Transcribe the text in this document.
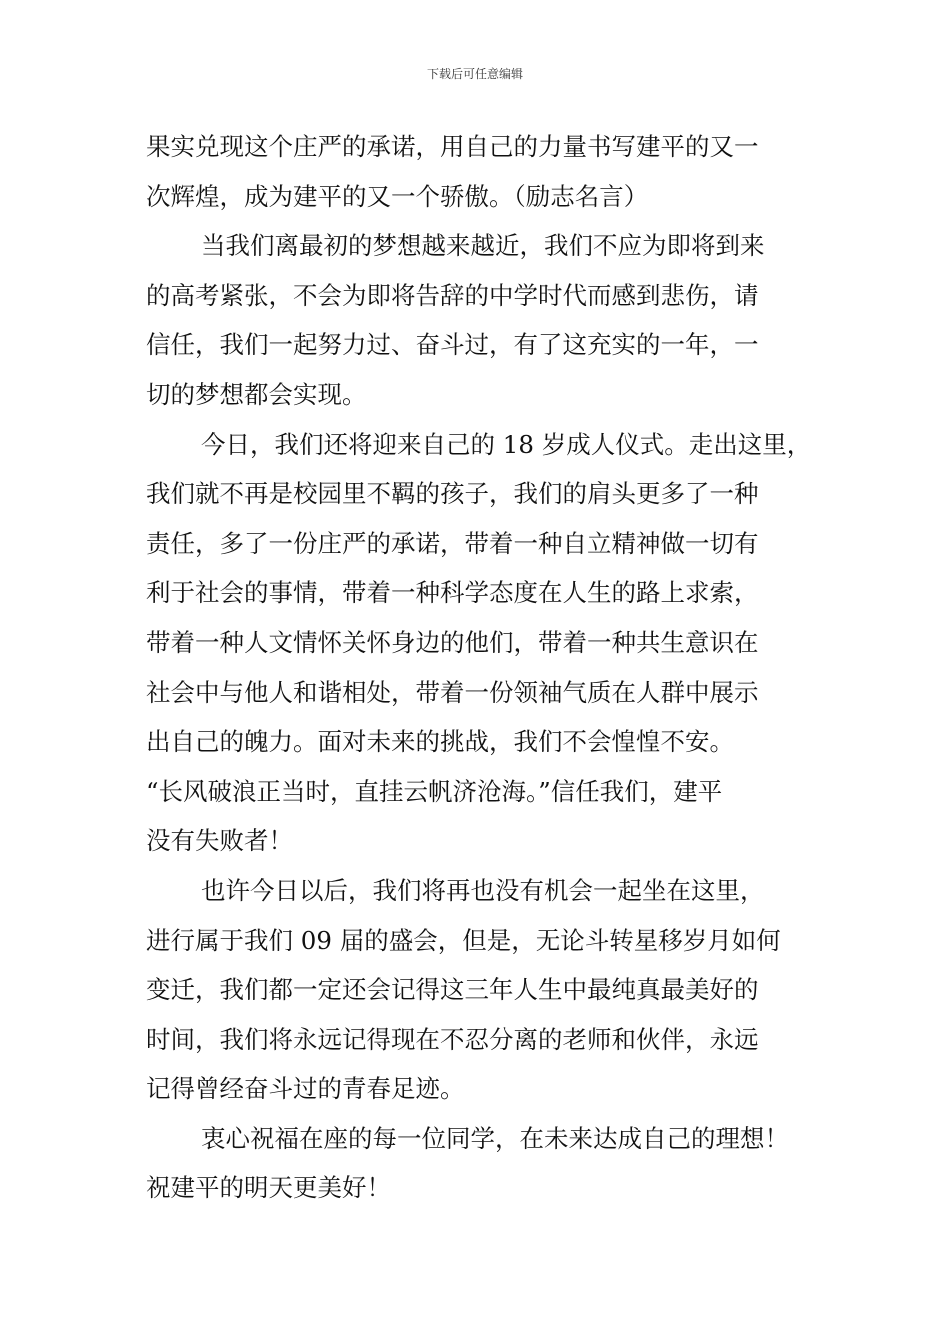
下载后可任意编辑
果实兑现这个庄严的承诺，用自己的力量书写建平的又一
次辉煌，成为建平的又一个骄傲。（励志名言）
当我们离最初的梦想越来越近，我们不应为即将到来
的高考紧张，不会为即将告辞的中学时代而感到悲伤，请
信任，我们一起努力过、奋斗过，有了这充实的一年，一
切的梦想都会实现。
今日，我们还将迎来自己的 18 岁成人仪式。走出这里，
我们就不再是校园里不羁的孩子，我们的肩头更多了一种
责任，多了一份庄严的承诺，带着一种自立精神做一切有
利于社会的事情，带着一种科学态度在人生的路上求索，
带着一种人文情怀关怀身边的他们，带着一种共生意识在
社会中与他人和谐相处，带着一份领袖气质在人群中展示
出自己的魄力。面对未来的挑战，我们不会惶惶不安。
“长风破浪正当时，直挂云帆济沧海。”信任我们，建平
没有失败者！
也许今日以后，我们将再也没有机会一起坐在这里，
进行属于我们 09 届的盛会，但是，无论斗转星移岁月如何
变迁，我们都一定还会记得这三年人生中最纯真最美好的
时间，我们将永远记得现在不忍分离的老师和伙伴，永远
记得曾经奋斗过的青春足迹。
衷心祝福在座的每一位同学，在未来达成自己的理想！
祝建平的明天更美好！
